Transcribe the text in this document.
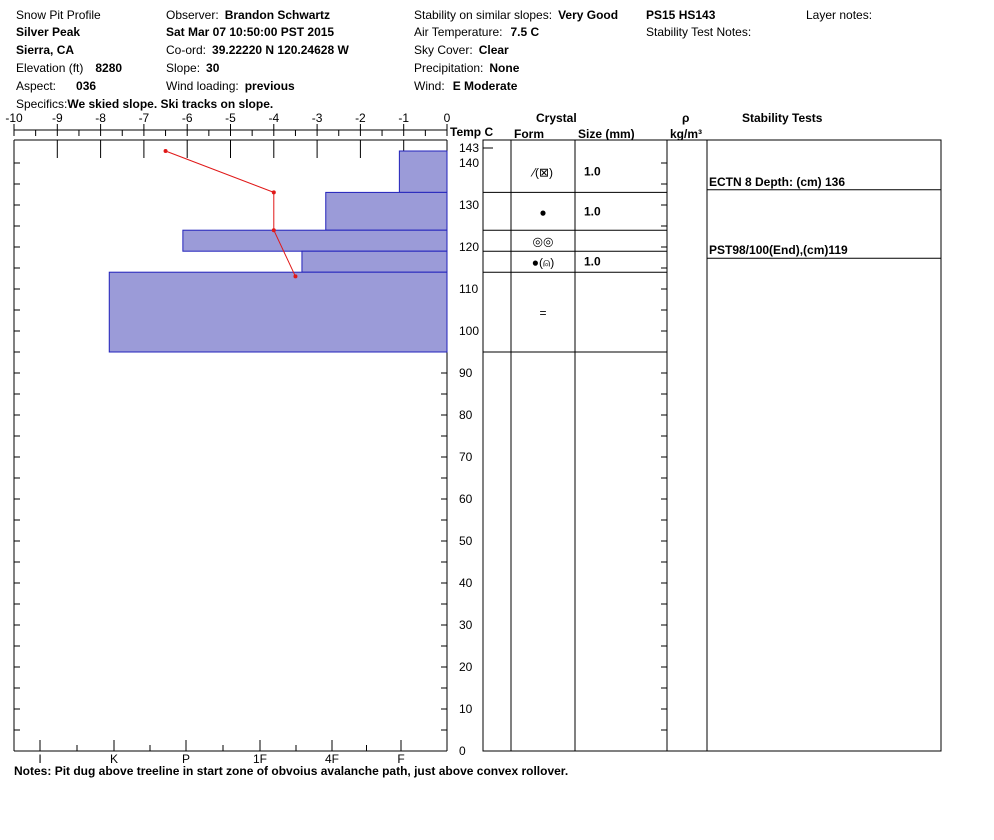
Snow Pit Profile
Silver Peak
Sierra, CA
Elevation (ft) 8280
Aspect: 036
Specifics:We skied slope. Ski tracks on slope.
Observer: Brandon Schwartz
Sat Mar 07 10:50:00 PST 2015
Co-ord: 39.22220 N 120.24628 W
Slope: 30
Wind loading: previous
Stability on similar slopes: Very Good
Air Temperature: 7.5 C
Sky Cover: Clear
Precipitation: None
Wind: E Moderate
PS15 HS143
Stability Test Notes:
Layer notes:
Temp C
Crystal
Form	Size (mm)
ρ
kg/m³
Stability Tests
-10 -9	-8	-7	-6	-5	-4	-3	-2	-1	0
140
130
120
110
100
90
80
70
60
50
40
30
20
10
0
143
⁄(⊠)	1.0
●	1.0
◎◎
●(⍝) 1.0
=
I	K	P	1F	4F	F
ECTN 8 Depth: (cm) 136
PST98/100(End),(cm)119
Notes: Pit dug above treeline in start zone of obvoius avalanche path, just above convex rollover.
